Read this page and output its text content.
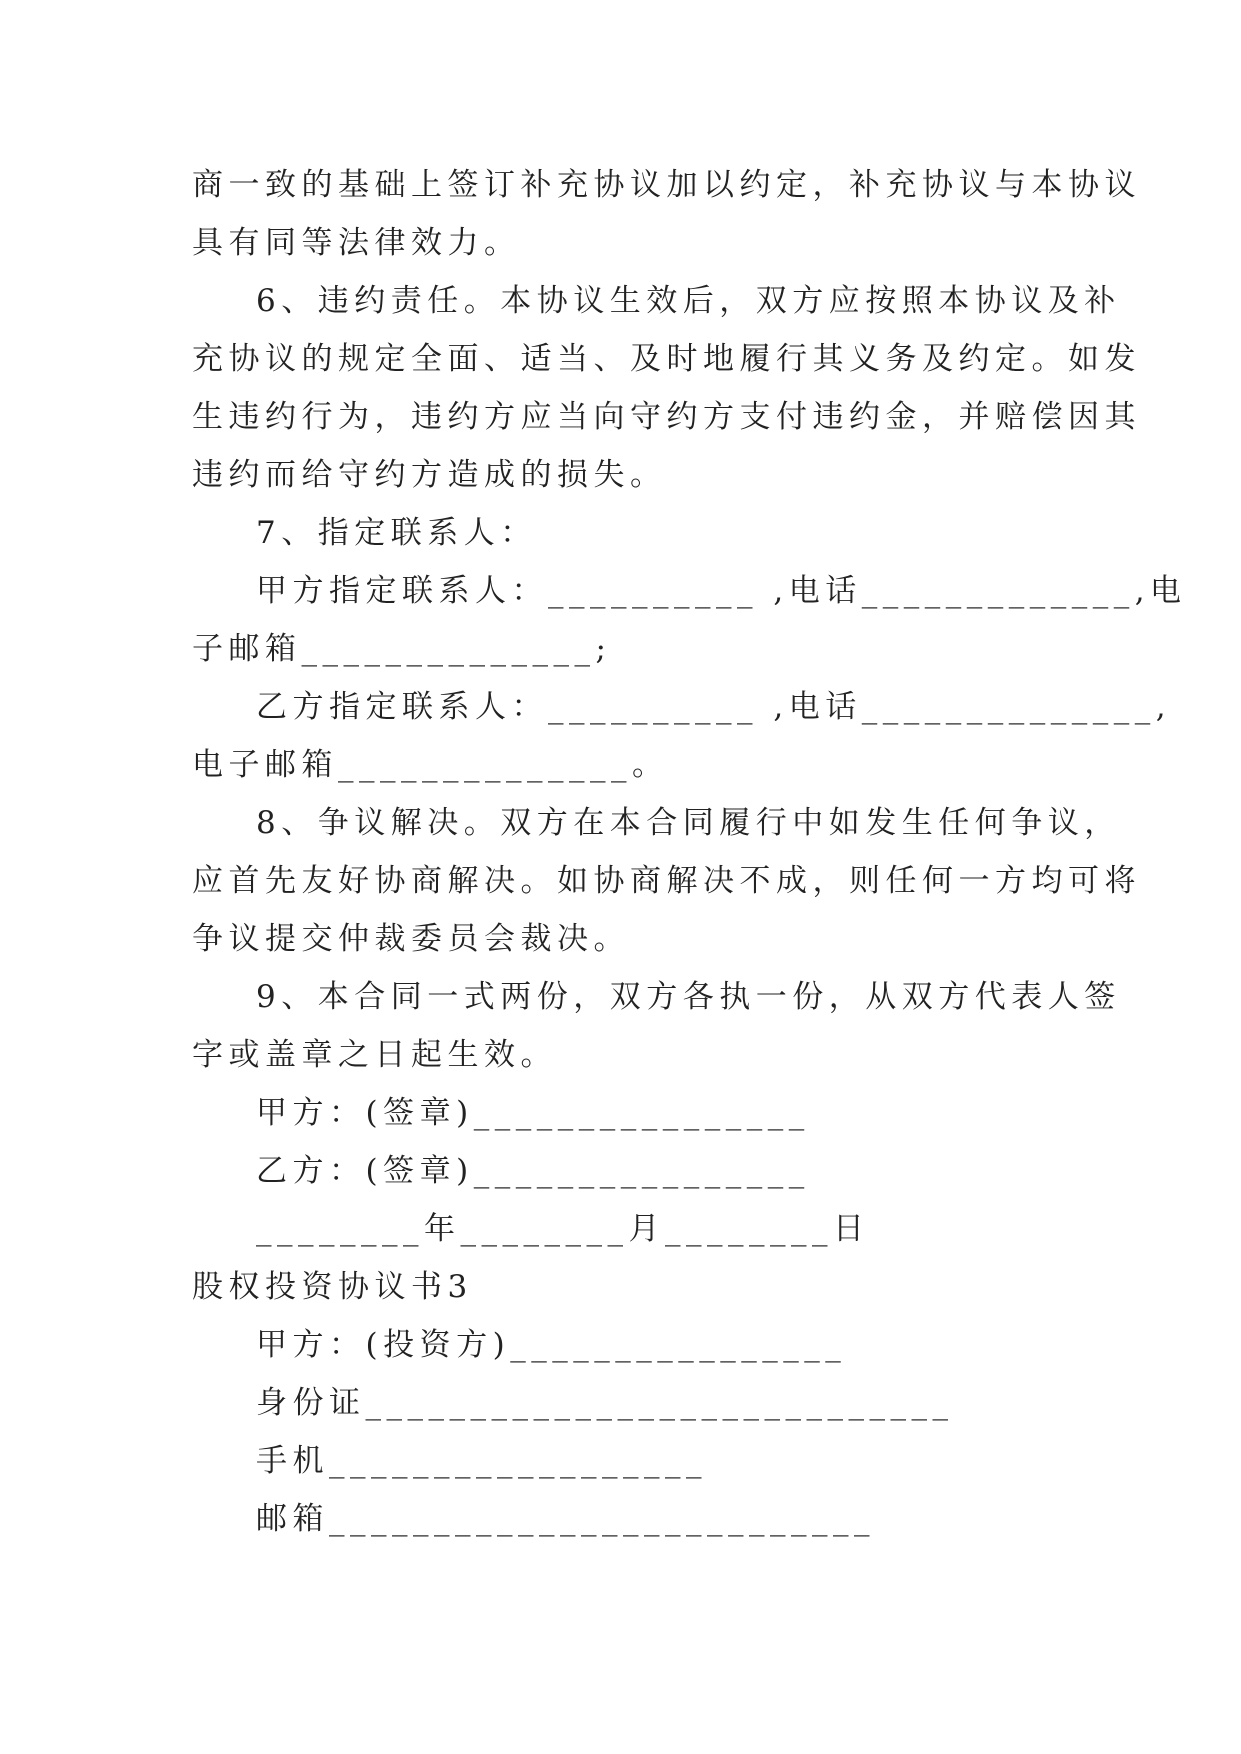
商一致的基础上签订补充协议加以约定，补充协议与本协议
具有同等法律效力。
6、违约责任。本协议生效后，双方应按照本协议及补
充协议的规定全面、适当、及时地履行其义务及约定。如发
生违约行为，违约方应当向守约方支付违约金，并赔偿因其
违约而给守约方造成的损失。
7、指定联系人：
甲方指定联系人：__________ ,电话_____________,电
子邮箱______________;
乙方指定联系人：__________ ,电话______________,
电子邮箱______________。
8、争议解决。双方在本合同履行中如发生任何争议，
应首先友好协商解决。如协商解决不成，则任何一方均可将
争议提交仲裁委员会裁决。
9、本合同一式两份，双方各执一份，从双方代表人签
字或盖章之日起生效。
甲方：(签章)________________
乙方：(签章)________________
________年________月________日
股权投资协议书3
甲方：(投资方)________________
身份证____________________________
手机__________________
邮箱__________________________
